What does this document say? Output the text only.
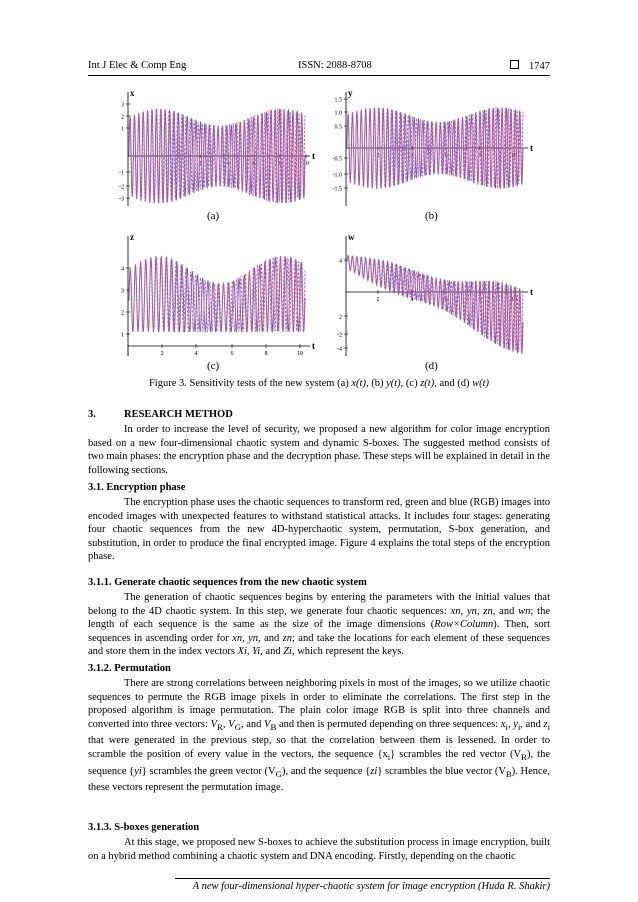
Int J Elec & Comp Eng	ISSN: 2088-8708	1747
x
t
3
2
1
-1
-2
-3
2	4	6	8	10
y
t
1.5
1.0
0.5
-0.5
-1.0
-1.5
2	4	6	8	10
z
t
4
3
2
1
1	2	4	6	8	10
w
t
4
2
-2
-4
2	4	6	8	10
(a)	(b)
(c)	(d)
Figure 3. Sensitivity tests of the new system (a) x(t), (b) y(t), (c) z(t), and (d) w(t)
3.	RESEARCH METHOD
In order to increase the level of security, we proposed a new algorithm for color image encryption based on a new four-dimensional chaotic system and dynamic S-boxes. The suggested method consists of two main phases: the encryption phase and the decryption phase. These steps will be explained in detail in the following sections.
3.1. Encryption phase
The encryption phase uses the chaotic sequences to transform red, green and blue (RGB) images into encoded images with unexpected features to withstand statistical attacks. It includes four stages: generating four chaotic sequences from the new 4D-hyperchaotic system, permutation, S-box generation, and substitution, in order to produce the final encrypted image. Figure 4 explains the total steps of the encryption phase.
3.1.1. Generate chaotic sequences from the new chaotic system
The generation of chaotic sequences begins by entering the parameters with the initial values that belong to the 4D chaotic system. In this step, we generate four chaotic sequences: xn, yn, zn, and wn; the length of each sequence is the same as the size of the image dimensions (Row×Column). Then, sort sequences in ascending order for xn, yn, and zn; and take the locations for each element of these sequences and store them in the index vectors Xi, Yi, and Zi, which represent the keys.
3.1.2. Permutation
There are strong correlations between neighboring pixels in most of the images, so we utilize chaotic sequences to permute the RGB image pixels in order to eliminate the correlations. The first step in the proposed algorithm is image permutation. The plain color image RGB is split into three channels and converted into three vectors: $V_R$, $V_G$, and $V_B$ and then is permuted depending on three sequences: $x_i$, $y_i$, and $z_i$ that were generated in the previous step, so that the correlation between them is lessened. In order to scramble the position of every value in the vectors, the sequence $\{x_i\}$ scrambles the red vector $(V_R)$, the sequence {yi} scrambles the green vector $(V_G)$, and the sequence {zi} scrambles the blue vector $(V_B)$. Hence, these vectors represent the permutation image.
3.1.3. S-boxes generation
At this stage, we proposed new S-boxes to achieve the substitution process in image encryption, built on a hybrid method combining a chaotic system and DNA encoding. Firstly, depending on the chaotic
A new four-dimensional hyper-chaotic system for image encryption (Huda R. Shakir)
